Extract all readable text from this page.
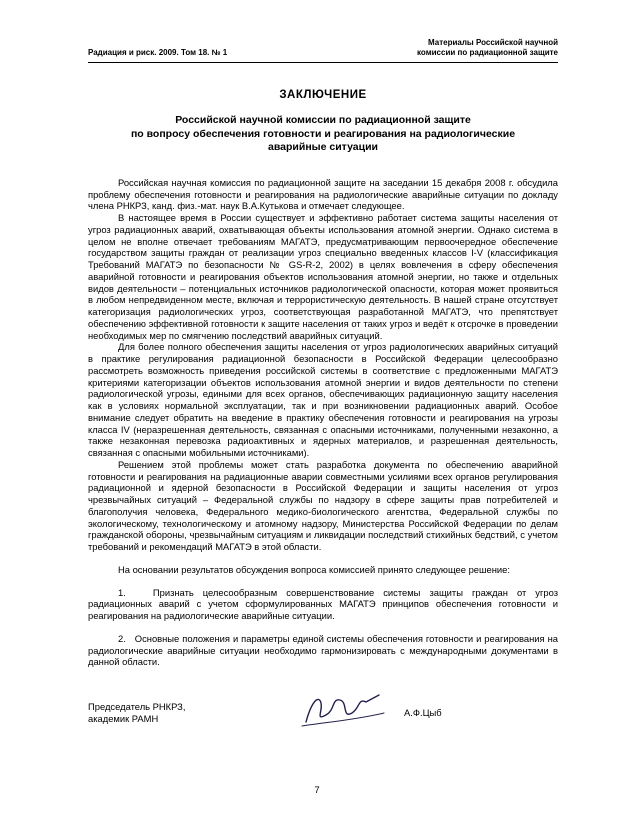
Радиация и риск. 2009. Том 18. № 1
Материалы Российской научной
комиссии по радиационной защите
ЗАКЛЮЧЕНИЕ
Российской научной комиссии по радиационной защите
по вопросу обеспечения готовности и реагирования на радиологические
аварийные ситуации

Российская научная комиссия по радиационной защите на заседании 15 декабря 2008 г. обсудила проблему обеспечения готовности и реагирования на радиологические аварийные ситуации по докладу члена РНКРЗ, канд. физ.-мат. наук В.А.Кутькова и отмечает следующее.

В настоящее время в России существует и эффективно работает система защиты населения от угроз радиационных аварий, охватывающая объекты использования атомной энергии. Однако система в целом не вполне отвечает требованиям МАГАТЭ, предусматривающим первоочередное обеспечение государством защиты граждан от реализации угроз специально введенных классов I-V (классификация Требований МАГАТЭ по безопасности № GS-R-2, 2002) в целях вовлечения в сферу обеспечения аварийной готовности и реагирования объектов использования атомной энергии, но также и отдельных видов деятельности – потенциальных источников радиологической опасности, которая может проявиться в любом непредвиденном месте, включая и террористическую деятельность. В нашей стране отсутствует категоризация радиологических угроз, соответствующая разработанной МАГАТЭ, что препятствует обеспечению эффективной готовности к защите населения от таких угроз и ведёт к отсрочке в проведении необходимых мер по смягчению последствий аварийных ситуаций.

Для более полного обеспечения защиты населения от угроз радиологических аварийных ситуаций в практике регулирования радиационной безопасности в Российской Федерации целесообразно рассмотреть возможность приведения российской системы в соответствие с предложенными МАГАТЭ критериями категоризации объектов использования атомной энергии и видов деятельности по степени радиологической угрозы, едиными для всех органов, обеспечивающих радиационную защиту населения как в условиях нормальной эксплуатации, так и при возникновении радиационных аварий. Особое внимание следует обратить на введение в практику обеспечения готовности и реагирования на угрозы класса IV (неразрешенная деятельность, связанная с опасными источниками, полученными незаконно, а также незаконная перевозка радиоактивных и ядерных материалов, и разрешенная деятельность, связанная с опасными мобильными источниками).

Решением этой проблемы может стать разработка документа по обеспечению аварийной готовности и реагирования на радиационные аварии совместными усилиями всех органов регулирования радиационной и ядерной безопасности в Российской Федерации и защиты населения от угроз чрезвычайных ситуаций – Федеральной службы по надзору в сфере защиты прав потребителей и благополучия человека, Федерального медико-биологического агентства, Федеральной службы по экологическому, технологическому и атомному надзору, Министерства Российской Федерации по делам гражданской обороны, чрезвычайным ситуациям и ликвидации последствий стихийных бедствий, с учетом требований и рекомендаций МАГАТЭ в этой области.

На основании результатов обсуждения вопроса комиссией принято следующее решение:

1.	Признать целесообразным совершенствование системы защиты граждан от угроз радиационных аварий с учетом сформулированных МАГАТЭ принципов обеспечения готовности и реагирования на радиологические аварийные ситуации.

2. Основные положения и параметры единой системы обеспечения готовности и реагирования на радиологические аварийные ситуации необходимо гармонизировать с международными документами в данной области.

Председатель РНКРЗ,
академик РАМН
А.Ф.Цыб
7
